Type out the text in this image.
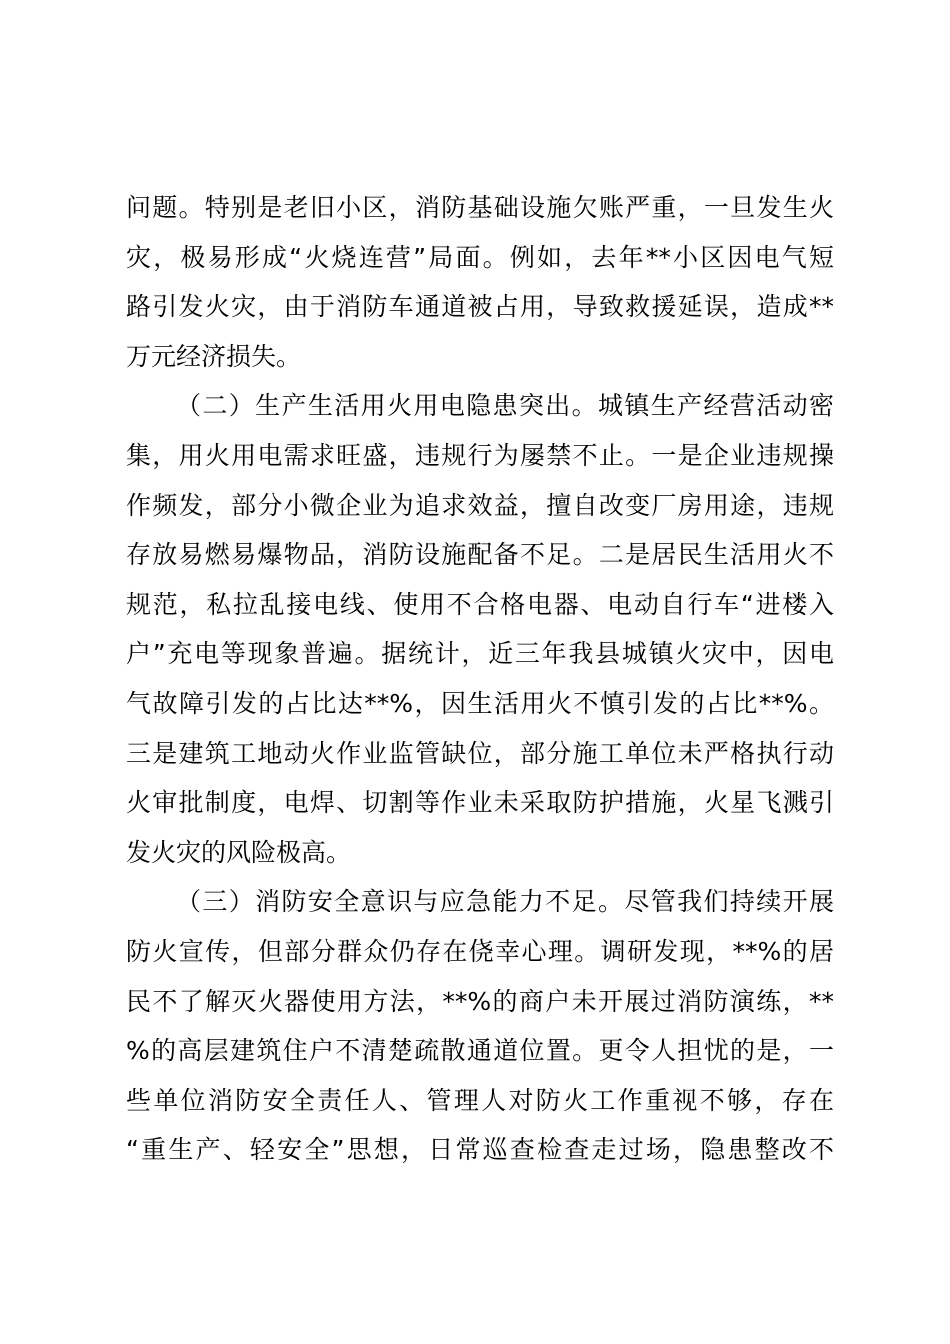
问题。特别是老旧小区，消防基础设施欠账严重，一旦发生火
灾，极易形成“火烧连营”局面。例如，去年**小区因电气短
路引发火灾，由于消防车通道被占用，导致救援延误，造成**
万元经济损失。
（二）生产生活用火用电隐患突出。城镇生产经营活动密
集，用火用电需求旺盛，违规行为屡禁不止。一是企业违规操
作频发，部分小微企业为追求效益，擅自改变厂房用途，违规
存放易燃易爆物品，消防设施配备不足。二是居民生活用火不
规范，私拉乱接电线、使用不合格电器、电动自行车“进楼入
户”充电等现象普遍。据统计，近三年我县城镇火灾中，因电
气故障引发的占比达**%，因生活用火不慎引发的占比**%。
三是建筑工地动火作业监管缺位，部分施工单位未严格执行动
火审批制度，电焊、切割等作业未采取防护措施，火星飞溅引
发火灾的风险极高。
（三）消防安全意识与应急能力不足。尽管我们持续开展
防火宣传，但部分群众仍存在侥幸心理。调研发现，**%的居
民不了解灭火器使用方法，**%的商户未开展过消防演练，**
%的高层建筑住户不清楚疏散通道位置。更令人担忧的是，一
些单位消防安全责任人、管理人对防火工作重视不够，存在
“重生产、轻安全”思想，日常巡查检查走过场，隐患整改不
